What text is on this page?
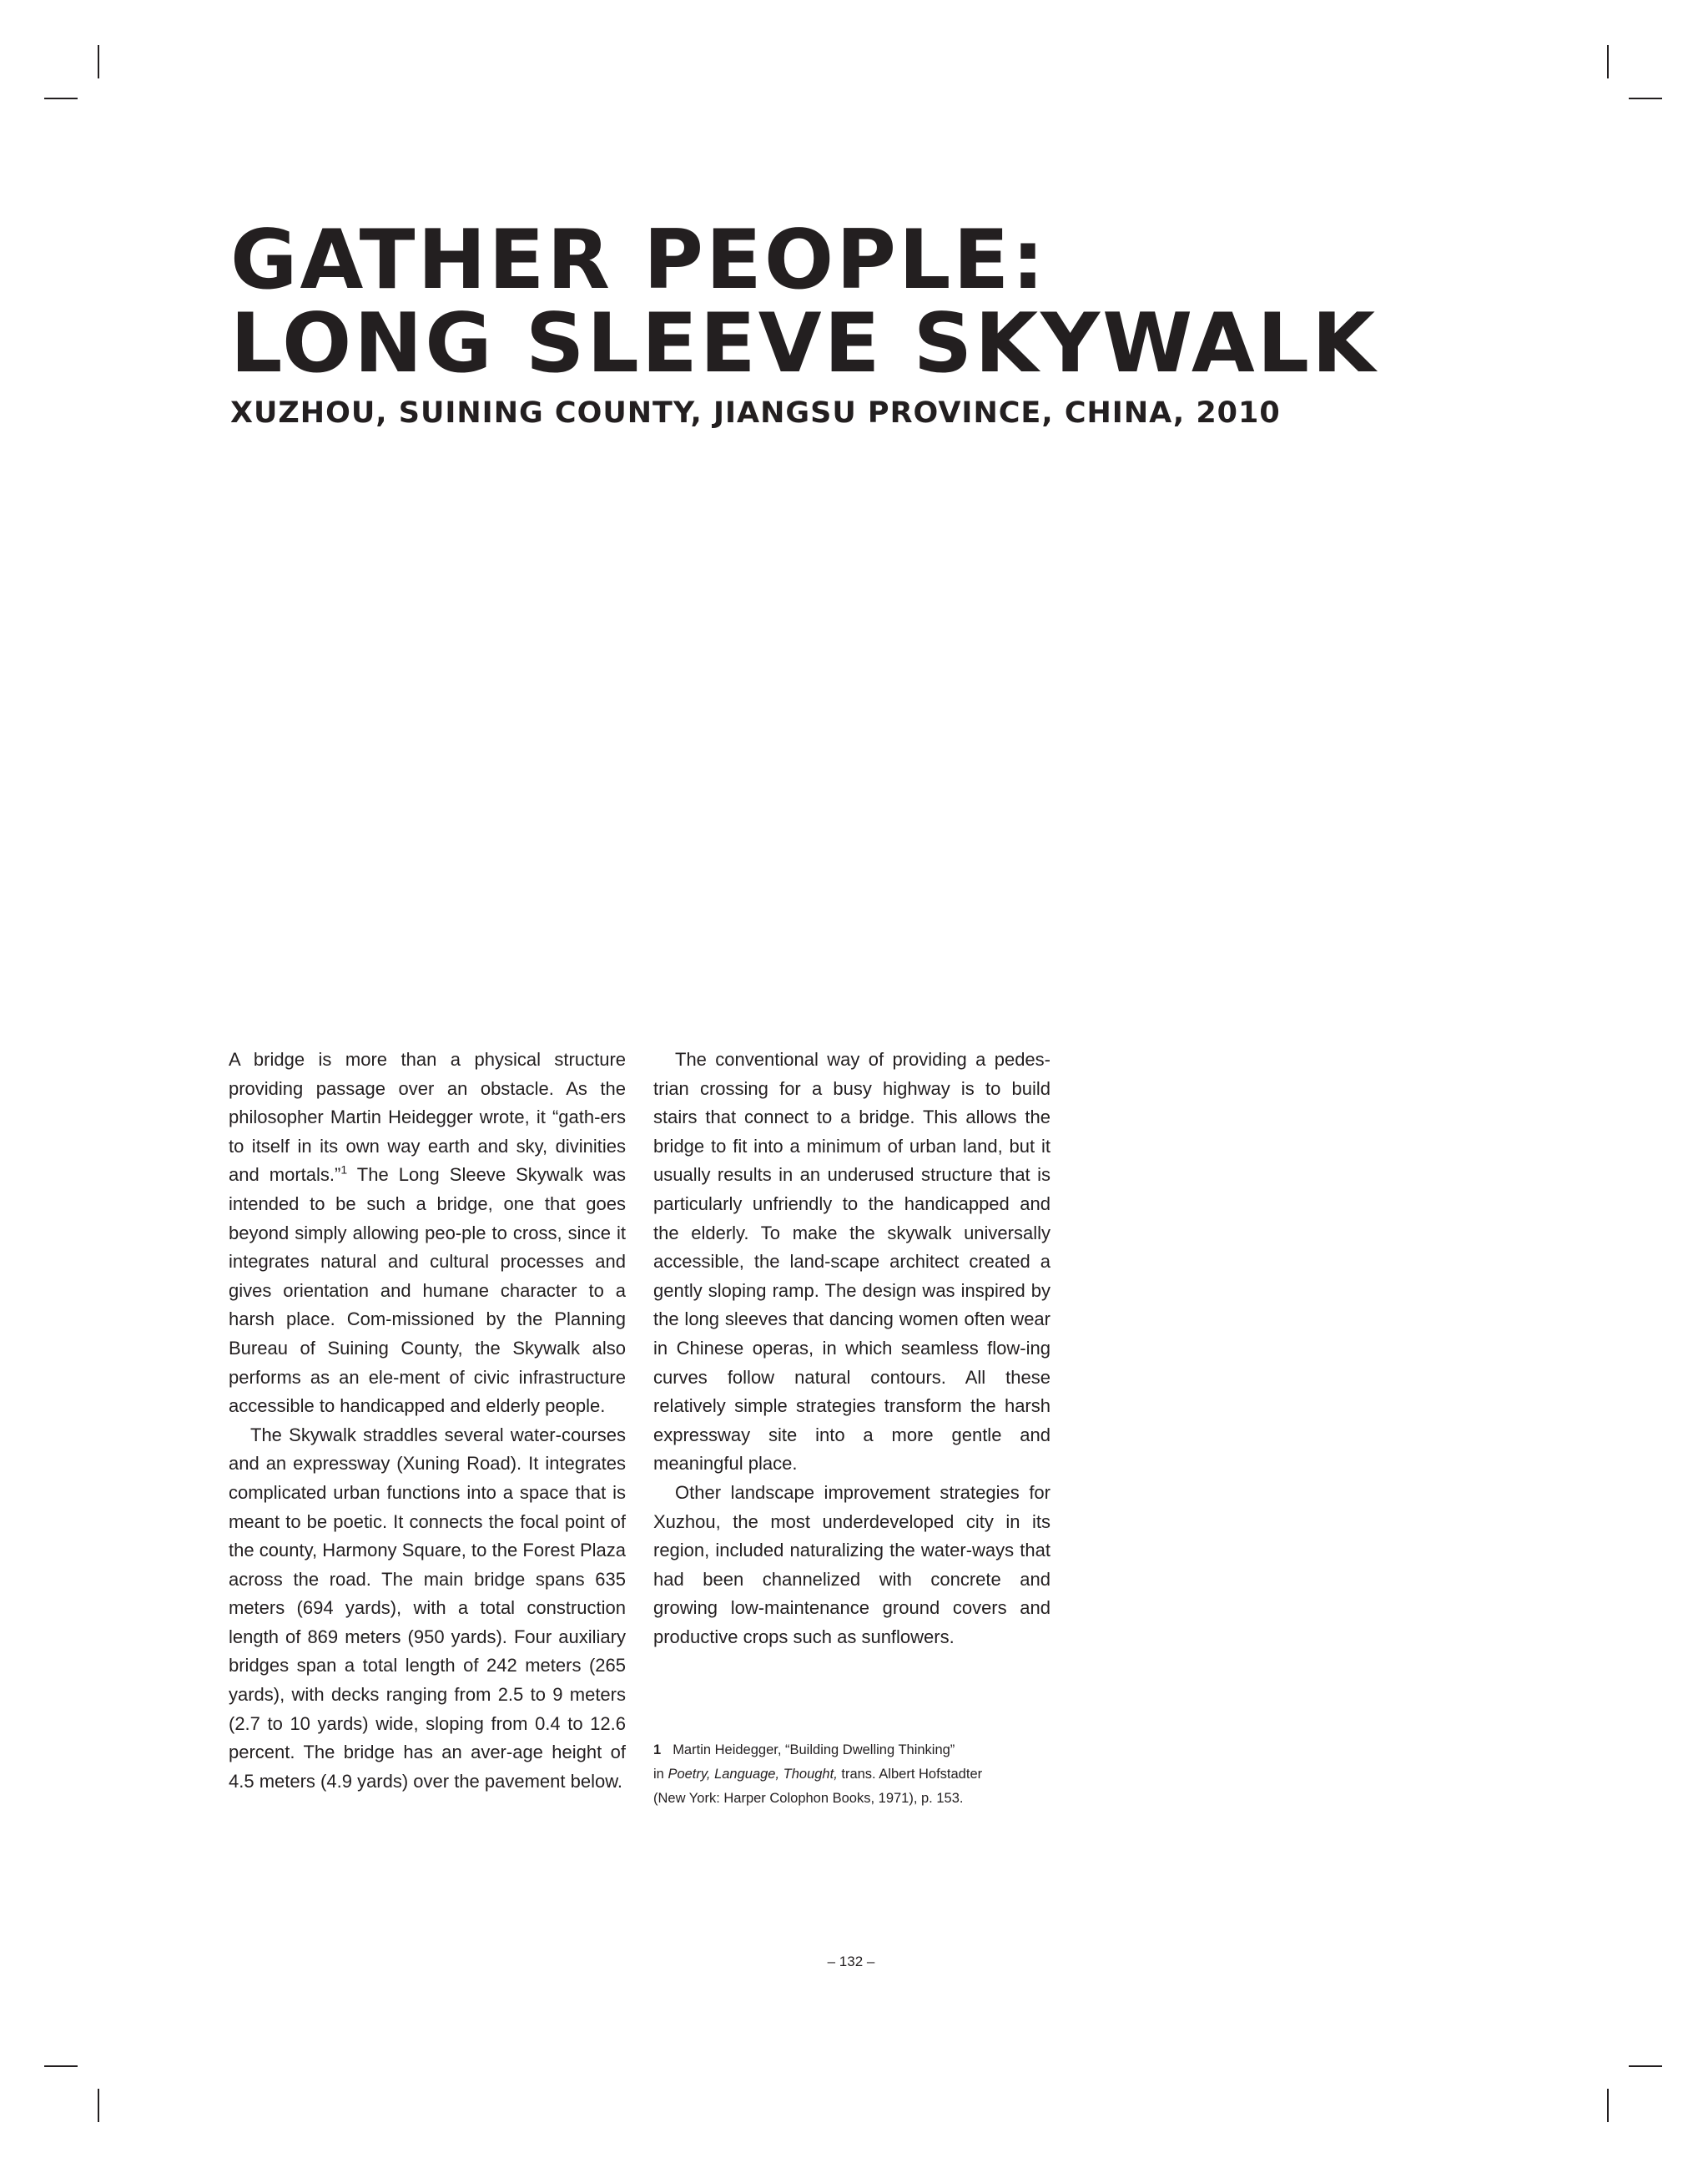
GATHER PEOPLE:
LONG SLEEVE SKYWALK
XUZHOU, SUINING COUNTY, JIANGSU PROVINCE, CHINA, 2010

A bridge is more than a physical structure providing passage over an obstacle. As the philosopher Martin Heidegger wrote, it “gath-ers to itself in its own way earth and sky, divinities and mortals.”$^1$ The Long Sleeve Skywalk was intended to be such a bridge, one that goes beyond simply allowing peo-ple to cross, since it integrates natural and cultural processes and gives orientation and humane character to a harsh place. Com-missioned by the Planning Bureau of Suining County, the Skywalk also performs as an ele-ment of civic infrastructure accessible to handicapped and elderly people.

The Skywalk straddles several water-courses and an expressway (Xuning Road). It integrates complicated urban functions into a space that is meant to be poetic. It connects the focal point of the county, Harmony Square, to the Forest Plaza across the road. The main bridge spans 635 meters (694 yards), with a total construction length of 869 meters (950 yards). Four auxiliary bridges span a total length of 242 meters (265 yards), with decks ranging from 2.5 to 9 meters (2.7 to 10 yards) wide, sloping from 0.4 to 12.6 percent. The bridge has an aver-age height of 4.5 meters (4.9 yards) over the pavement below.

The conventional way of providing a pedes-trian crossing for a busy highway is to build stairs that connect to a bridge. This allows the bridge to fit into a minimum of urban land, but it usually results in an underused structure that is particularly unfriendly to the handicapped and the elderly. To make the skywalk universally accessible, the land-scape architect created a gently sloping ramp. The design was inspired by the long sleeves that dancing women often wear in Chinese operas, in which seamless flow-ing curves follow natural contours. All these relatively simple strategies transform the harsh expressway site into a more gentle and meaningful place.

Other landscape improvement strategies for Xuzhou, the most underdeveloped city in its region, included naturalizing the water-ways that had been channelized with concrete and growing low-maintenance ground covers and productive crops such as sunflowers.

1 Martin Heidegger, “Building Dwelling Thinking”

in Poetry, Language, Thought, trans. Albert Hofstadter

(New York: Harper Colophon Books, 1971), p. 153.

– 132 –
